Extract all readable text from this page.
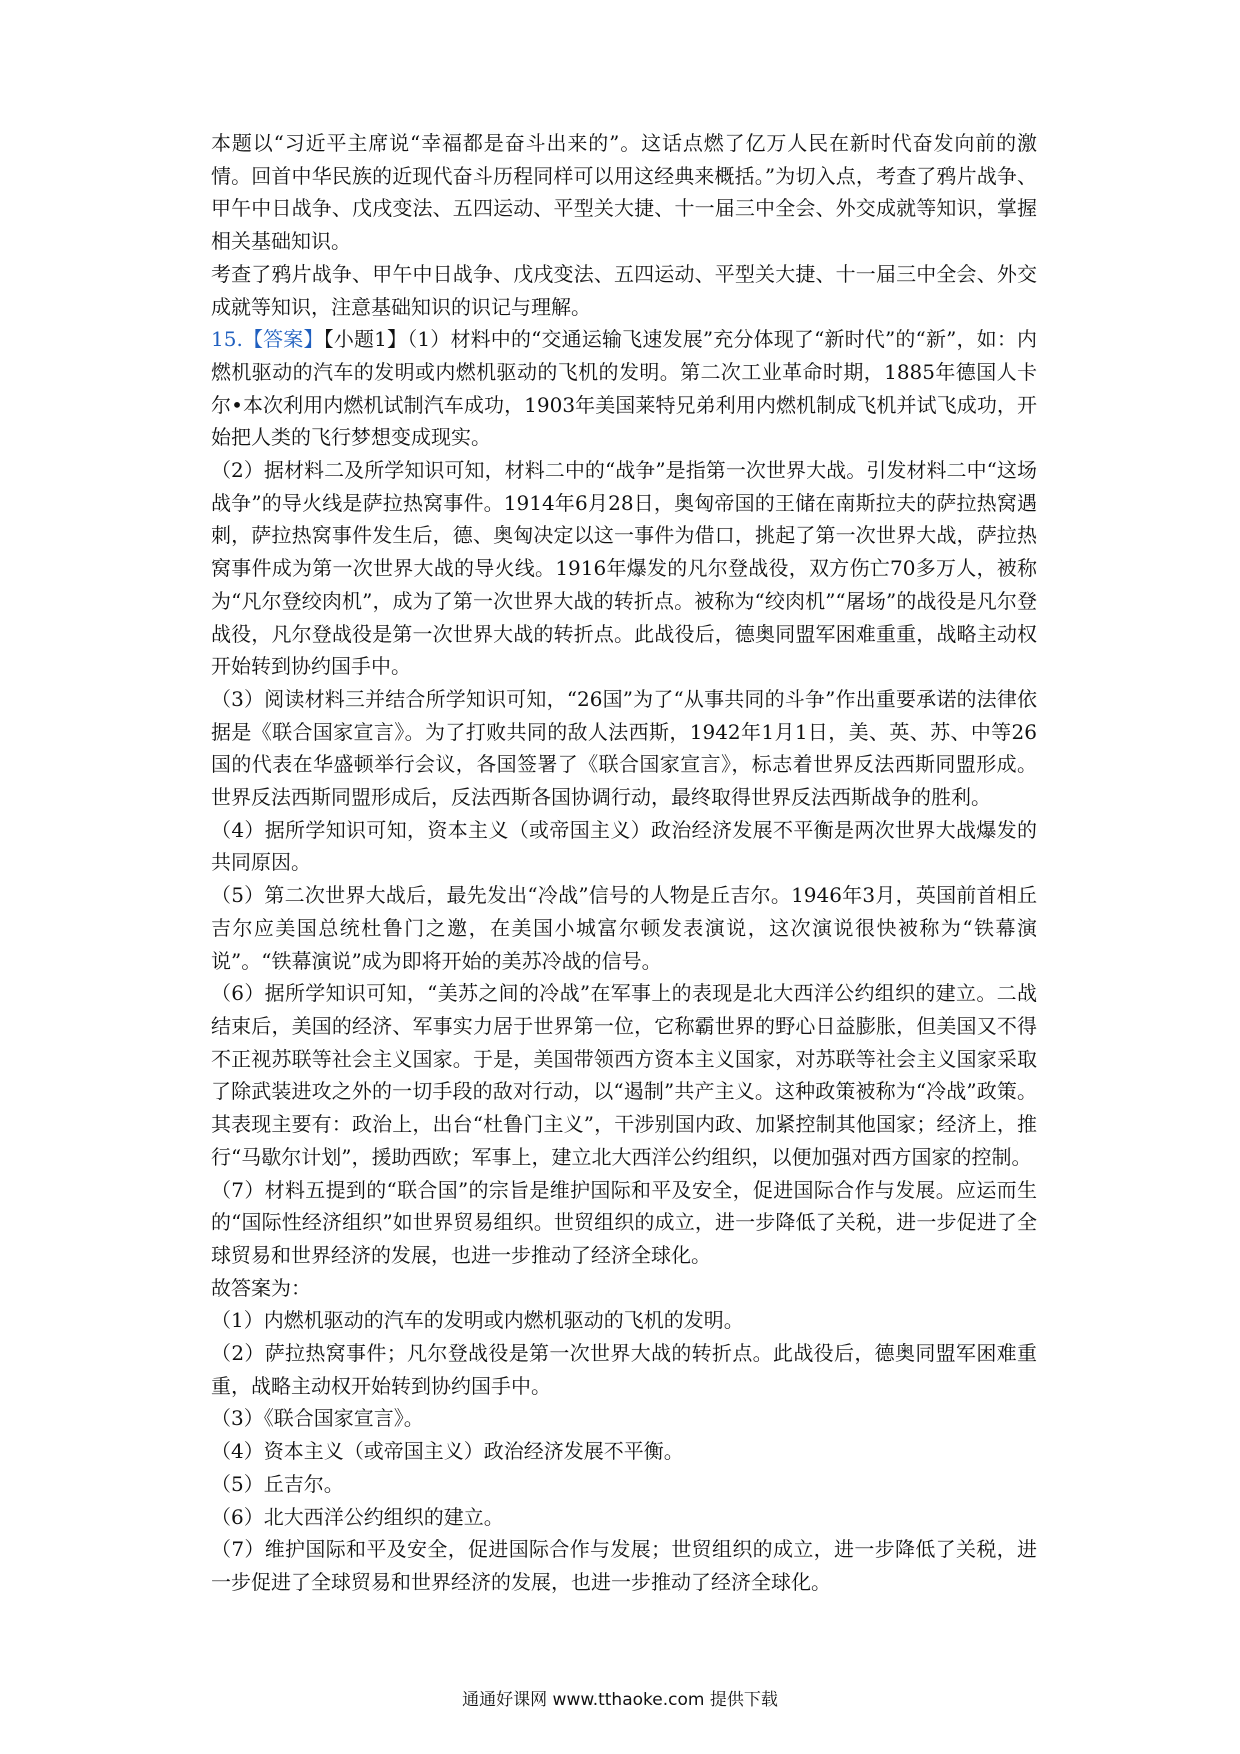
本题以“习近平主席说“幸福都是奋斗出来的”。这话点燃了亿万人民在新时代奋发向前的激情。回首中华民族的近现代奋斗历程同样可以用这经典来概括。”为切入点，考查了鸦片战争、甲午中日战争、戊戌变法、五四运动、平型关大捷、十一届三中全会、外交成就等知识，掌握相关基础知识。

考查了鸦片战争、甲午中日战争、戊戌变法、五四运动、平型关大捷、十一届三中全会、外交成就等知识，注意基础知识的识记与理解。

15.【答案】【小题1】（1）材料中的“交通运输飞速发展”充分体现了“新时代”的“新”，如：内燃机驱动的汽车的发明或内燃机驱动的飞机的发明。第二次工业革命时期，1885年德国人卡尔•本次利用内燃机试制汽车成功，1903年美国莱特兄弟利用内燃机制成飞机并试飞成功，开始把人类的飞行梦想变成现实。

（2）据材料二及所学知识可知，材料二中的“战争”是指第一次世界大战。引发材料二中“这场战争”的导火线是萨拉热窝事件。1914年6月28日，奥匈帝国的王储在南斯拉夫的萨拉热窝遇刺，萨拉热窝事件发生后，德、奥匈决定以这一事件为借口，挑起了第一次世界大战，萨拉热窝事件成为第一次世界大战的导火线。1916年爆发的凡尔登战役，双方伤亡70多万人，被称为“凡尔登绞肉机”，成为了第一次世界大战的转折点。被称为“绞肉机”“屠场”的战役是凡尔登战役，凡尔登战役是第一次世界大战的转折点。此战役后，德奥同盟军困难重重，战略主动权开始转到协约国手中。

（3）阅读材料三并结合所学知识可知，“26国”为了“从事共同的斗争”作出重要承诺的法律依据是《联合国家宣言》。为了打败共同的敌人法西斯，1942年1月1日，美、英、苏、中等26国的代表在华盛顿举行会议，各国签署了《联合国家宣言》，标志着世界反法西斯同盟形成。世界反法西斯同盟形成后，反法西斯各国协调行动，最终取得世界反法西斯战争的胜利。

（4）据所学知识可知，资本主义（或帝国主义）政治经济发展不平衡是两次世界大战爆发的共同原因。

（5）第二次世界大战后，最先发出“冷战”信号的人物是丘吉尔。1946年3月，英国前首相丘吉尔应美国总统杜鲁门之邀，在美国小城富尔顿发表演说，这次演说很快被称为“铁幕演说”。“铁幕演说”成为即将开始的美苏冷战的信号。

（6）据所学知识可知，“美苏之间的冷战”在军事上的表现是北大西洋公约组织的建立。二战结束后，美国的经济、军事实力居于世界第一位，它称霸世界的野心日益膨胀，但美国又不得不正视苏联等社会主义国家。于是，美国带领西方资本主义国家，对苏联等社会主义国家采取了除武装进攻之外的一切手段的敌对行动，以“遏制”共产主义。这种政策被称为“冷战”政策。其表现主要有：政治上，出台“杜鲁门主义”，干涉别国内政、加紧控制其他国家；经济上，推行“马歇尔计划”，援助西欧；军事上，建立北大西洋公约组织，以便加强对西方国家的控制。

（7）材料五提到的“联合国”的宗旨是维护国际和平及安全，促进国际合作与发展。应运而生的“国际性经济组织”如世界贸易组织。世贸组织的成立，进一步降低了关税，进一步促进了全球贸易和世界经济的发展，也进一步推动了经济全球化。

故答案为：

（1）内燃机驱动的汽车的发明或内燃机驱动的飞机的发明。

（2）萨拉热窝事件；凡尔登战役是第一次世界大战的转折点。此战役后，德奥同盟军困难重重，战略主动权开始转到协约国手中。

（3）《联合国家宣言》。

（4）资本主义（或帝国主义）政治经济发展不平衡。

（5）丘吉尔。

（6）北大西洋公约组织的建立。

（7）维护国际和平及安全，促进国际合作与发展；世贸组织的成立，进一步降低了关税，进一步促进了全球贸易和世界经济的发展，也进一步推动了经济全球化。

通通好课网 www.tthaoke.com 提供下载
